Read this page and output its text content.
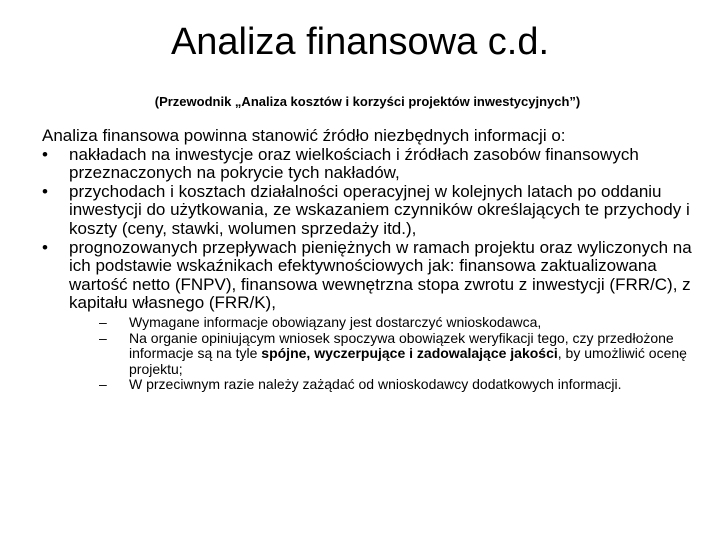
Analiza finansowa c.d.
(Przewodnik „Analiza kosztów i korzyści projektów inwestycyjnych”)

Analiza finansowa powinna stanowić źródło niezbędnych informacji o:

• nakładach na inwestycje oraz wielkościach i źródłach zasobów finansowych przeznaczonych na pokrycie tych nakładów,
• przychodach i kosztach działalności operacyjnej w kolejnych latach po oddaniu inwestycji do użytkowania, ze wskazaniem czynników określających te przychody i koszty (ceny, stawki, wolumen sprzedaży itd.),
• prognozowanych przepływach pieniężnych w ramach projektu oraz wyliczonych na ich podstawie wskaźnikach efektywnościowych jak: finansowa zaktualizowana wartość netto (FNPV), finansowa wewnętrzna stopa zwrotu z inwestycji (FRR/C), z kapitału własnego (FRR/K),
– Wymagane informacje obowiązany jest dostarczyć wnioskodawca,
– Na organie opiniującym wniosek spoczywa obowiązek weryfikacji tego, czy przedłożone informacje są na tyle spójne, wyczerpujące i zadowalające jakości, by umożliwić ocenę projektu;
– W przeciwnym razie należy zażądać od wnioskodawcy dodatkowych informacji.
